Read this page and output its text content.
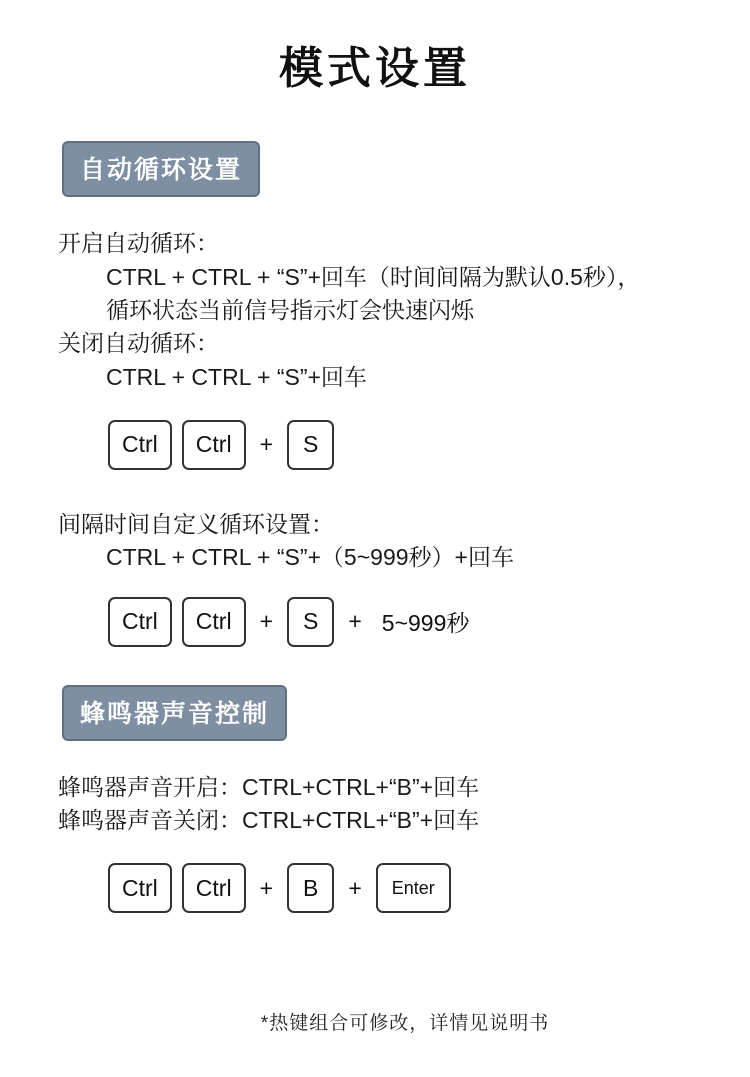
模式设置
自动循环设置
开启自动循环：
CTRL + CTRL + “S”+回车（时间间隔为默认0.5秒），
循环状态当前信号指示灯会快速闪烁
关闭自动循环：
CTRL + CTRL + “S”+回车
Ctrl	Ctrl	+	S
间隔时间自定义循环设置：
CTRL + CTRL + “S”+（5~999秒）+回车
Ctrl	Ctrl	+	S	+ 5~999秒
蜂鸣器声音控制
蜂鸣器声音开启：CTRL+CTRL+“B”+回车
蜂鸣器声音关闭：CTRL+CTRL+“B”+回车
Ctrl	Ctrl	+	B	+	Enter
*热键组合可修改，详情见说明书
